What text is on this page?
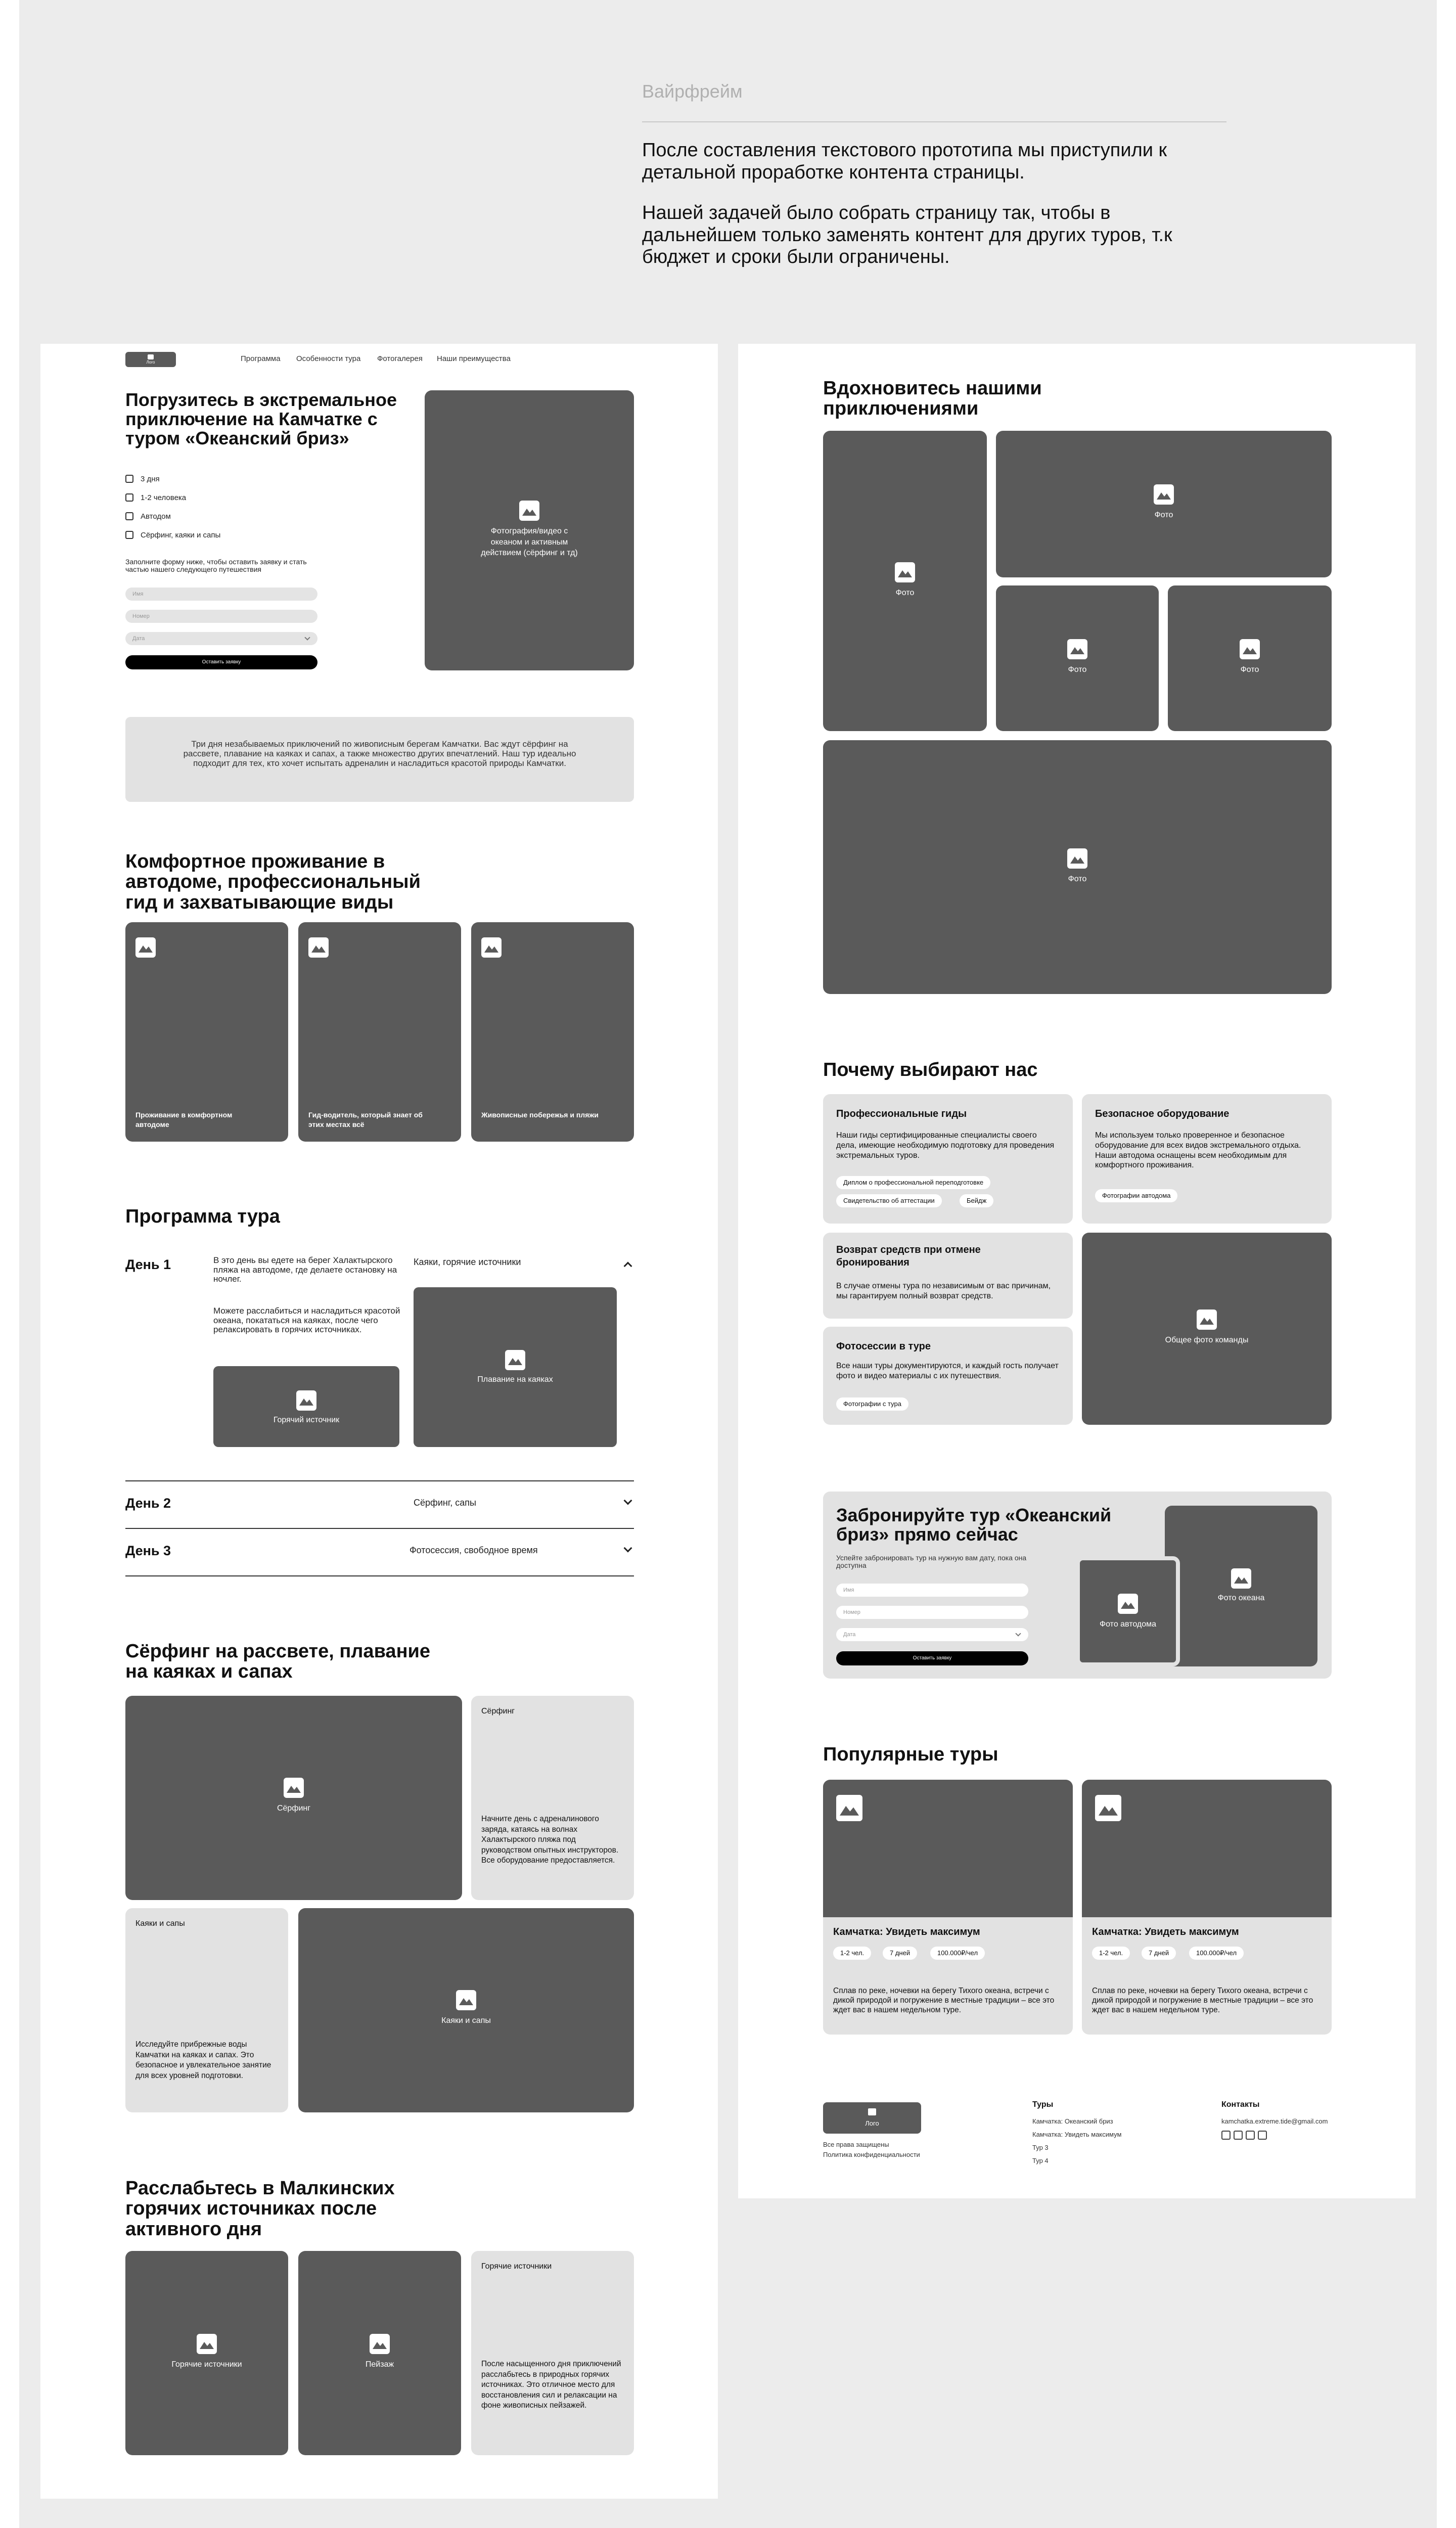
Вайрфрейм
После составления текстового прототипа мы приступили к детальной проработке контента страницы.
Нашей задачей было собрать страницу так, чтобы в дальнейшем только заменять контент для других туров, т.к бюджет и сроки были ограничены.
Лого	Программа Особенности тура Фотогалерея Наши преимущества
Погрузитесь в экстремальное приключение на Камчатке с туром «Океанский бриз»
3 дня
1-2 человека
Автодом
Сёрфинг, каяки и сапы
Заполните форму ниже, чтобы оставить заявку и стать частью нашего следующего путешествия
Имя
Номер
Дата
Оставить заявку
Фотография/видео с океаном и активным действием (сёрфинг и тд)
Три дня незабываемых приключений по живописным берегам Камчатки. Вас ждут сёрфинг на рассвете, плавание на каяках и сапах, а также множество других впечатлений. Наш тур идеально подходит для тех, кто хочет испытать адреналин и насладиться красотой природы Камчатки.
Комфортное проживание в автодоме, профессиональный гид и захватывающие виды
Проживание в комфортном автодоме
Гид-водитель, который знает об этих местах всё
Живописные побережья и пляжи
Программа тура
День 1	В это день вы едете на берег Халактырского пляжа на автодоме, где делаете остановку на ночлег.
Можете расслабиться и насладиться красотой океана, покататься на каяках, после чего релаксировать в горячих источниках.
Каяки, горячие источники
Горячий источник
Плавание на каяках
День 2	Сёрфинг, сапы
День 3	Фотосессия, свободное время
Сёрфинг на рассвете, плавание на каяках и сапах
Сёрфинг
Сёрфинг
Начните день с адреналинового заряда, катаясь на волнах Халактырского пляжа под руководством опытных инструкторов. Все оборудование предоставляется.
Каяки и сапы
Исследуйте прибрежные воды Камчатки на каяках и сапах. Это безопасное и увлекательное занятие для всех уровней подготовки.
Каяки и сапы
Расслабьтесь в Малкинских горячих источниках после активного дня
Горячие источники	Пейзаж
Горячие источники
После насыщенного дня приключений расслабьтесь в природных горячих источниках. Это отличное место для восстановления сил и релаксации на фоне живописных пейзажей.
Вдохновитесь нашими приключениями
Фото
Фото
Фото	Фото
Фото
Почему выбирают нас
Профессиональные гиды
Наши гиды сертифицированные специалисты своего дела, имеющие необходимую подготовку для проведения экстремальных туров.
Диплом о профессиональной переподготовке
Свидетельство об аттестации	Бейдж
Безопасное оборудование
Мы используем только проверенное и безопасное оборудование для всех видов экстремального отдыха. Наши автодома оснащены всем необходимым для комфортного проживания.
Фотографии автодома
Возврат средств при отмене бронирования
В случае отмены тура по независимым от вас причинам, мы гарантируем полный возврат средств.
Фотосессии в туре
Все наши туры документируются, и каждый гость получает фото и видео материалы с их путешествия.
Фотографии с тура
Общее фото команды
Забронируйте тур «Океанский бриз» прямо сейчас
Успейте забронировать тур на нужную вам дату, пока она доступна
Имя
Номер
Дата
Оставить заявку
Фото океана
Фото автодома
Популярные туры
Камчатка: Увидеть максимум
1-2 чел.	7 дней	100.000₽/чел
Сплав по реке, ночевки на берегу Тихого океана, встречи с дикой природой и погружение в местные традиции – все это ждет вас в нашем недельном туре.
Камчатка: Увидеть максимум
1-2 чел.	7 дней	100.000₽/чел
Сплав по реке, ночевки на берегу Тихого океана, встречи с дикой природой и погружение в местные традиции – все это ждет вас в нашем недельном туре.
Лого
Все права защищены
Политика конфиденциальности
Туры
Камчатка: Океанский бриз
Камчатка: Увидеть максимум
Тур 3
Тур 4
Контакты
kamchatka.extreme.tide@gmail.com
